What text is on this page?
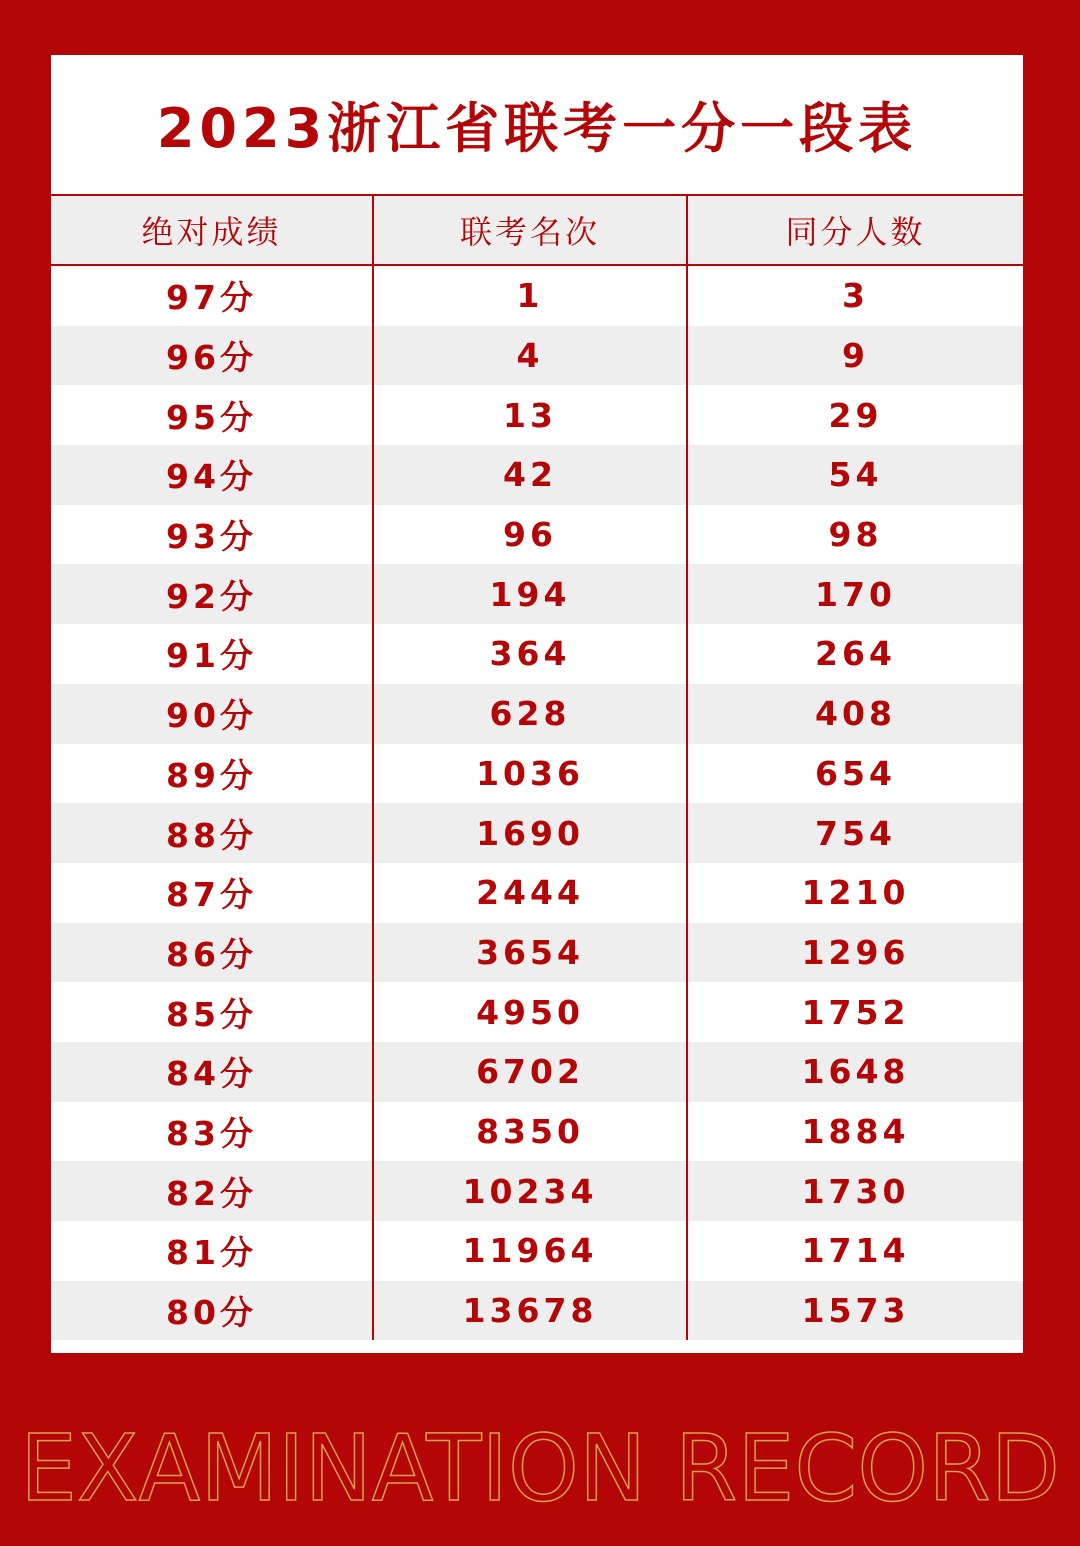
2023浙江省联考一分一段表
绝对成绩	联考名次	同分人数
97分	1	3
96分	4	9
95分	13	29
94分	42	54
93分	96	98
92分	194	170
91分	364	264
90分	628	408
89分	1036	654
88分	1690	754
87分	2444	1210
86分	3654	1296
85分	4950	1752
84分	6702	1648
83分	8350	1884
82分	10234	1730
81分	11964	1714
80分	13678	1573
EXAMINATION RECORD
